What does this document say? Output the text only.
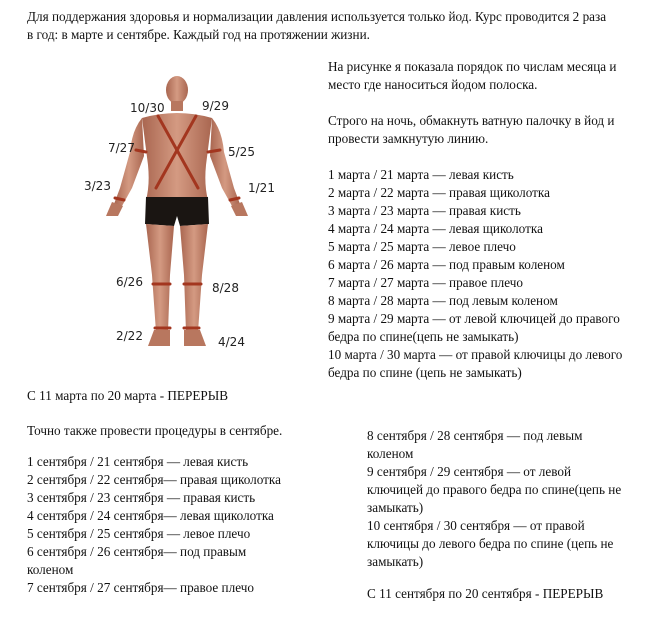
Для поддержания здоровья и нормализации давления используется только йод. Курс проводится 2 раза
в год: в марте и сентябре. Каждый год на протяжении жизни.
10/30	9/29
7/27	5/25
3/23	1/21
6/26	8/28
2/22	4/24
На рисунке я показала порядок по числам месяца и
место где наноситься йодом полоска.
Строго на ночь, обмакнуть ватную палочку в йод и
провести замкнутую линию.
1 марта / 21 марта — левая кисть
2 марта / 22 марта — правая щиколотка
3 марта / 23 марта — правая кисть
4 марта / 24 марта — левая щиколотка
5 марта / 25 марта — левое плечо
6 марта / 26 марта — под правым коленом
7 марта / 27 марта — правое плечо
8 марта / 28 марта — под левым коленом
9 марта / 29 марта — от левой ключицей до правого
бедра по спине(цепь не замыкать)
10 марта / 30 марта — от правой ключицы до левого
бедра по спине (цепь не замыкать)
С 11 марта по 20 марта - ПЕРЕРЫВ
Точно также провести процедуры в сентябре.
1 сентября / 21 сентября — левая кисть
2 сентября / 22 сентября— правая щиколотка
3 сентября / 23 сентября — правая кисть
4 сентября / 24 сентября— левая щиколотка
5 сентября / 25 сентября — левое плечо
6 сентября / 26 сентября— под правым
коленом
7 сентября / 27 сентября— правое плечо
8 сентября / 28 сентября — под левым
коленом
9 сентября / 29 сентября — от левой
ключицей до правого бедра по спине(цепь не
замыкать)
10 сентября / 30 сентября — от правой
ключицы до левого бедра по спине (цепь не
замыкать)
С 11 сентября по 20 сентября - ПЕРЕРЫВ
